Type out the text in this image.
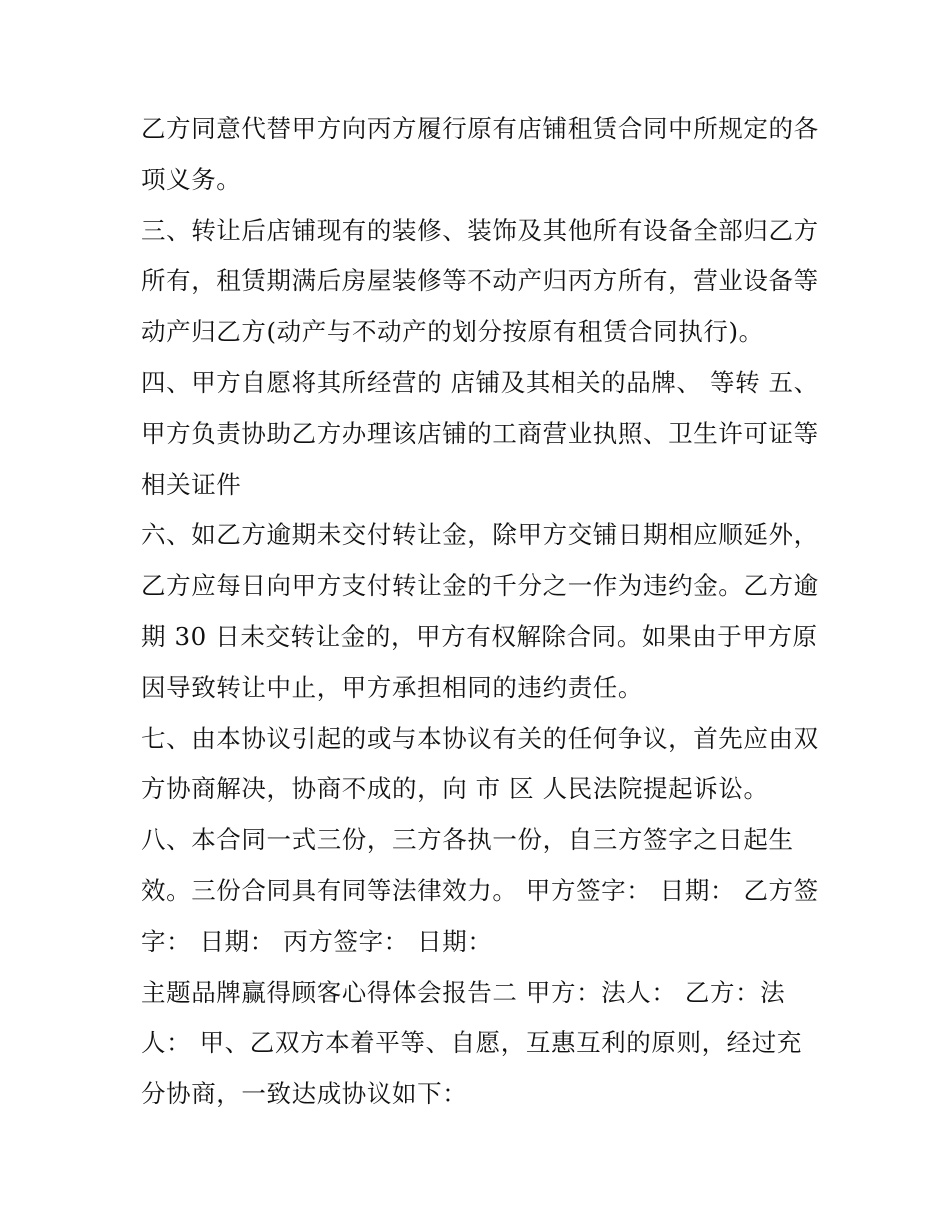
乙方同意代替甲方向丙方履行原有店铺租赁合同中所规定的各
项义务。
三、转让后店铺现有的装修、装饰及其他所有设备全部归乙方
所有，租赁期满后房屋装修等不动产归丙方所有，营业设备等
动产归乙方(动产与不动产的划分按原有租赁合同执行)。
四、甲方自愿将其所经营的 店铺及其相关的品牌、 等转 五、
甲方负责协助乙方办理该店铺的工商营业执照、卫生许可证等
相关证件
六、如乙方逾期未交付转让金，除甲方交铺日期相应顺延外，
乙方应每日向甲方支付转让金的千分之一作为违约金。乙方逾
期 30 日未交转让金的，甲方有权解除合同。如果由于甲方原
因导致转让中止，甲方承担相同的违约责任。
七、由本协议引起的或与本协议有关的任何争议，首先应由双
方协商解决，协商不成的，向 市 区 人民法院提起诉讼。
八、本合同一式三份，三方各执一份，自三方签字之日起生
效。三份合同具有同等法律效力。 甲方签字： 日期： 乙方签
字： 日期： 丙方签字： 日期：
主题品牌赢得顾客心得体会报告二 甲方：法人： 乙方：法
人： 甲、乙双方本着平等、自愿，互惠互利的原则，经过充
分协商，一致达成协议如下：
